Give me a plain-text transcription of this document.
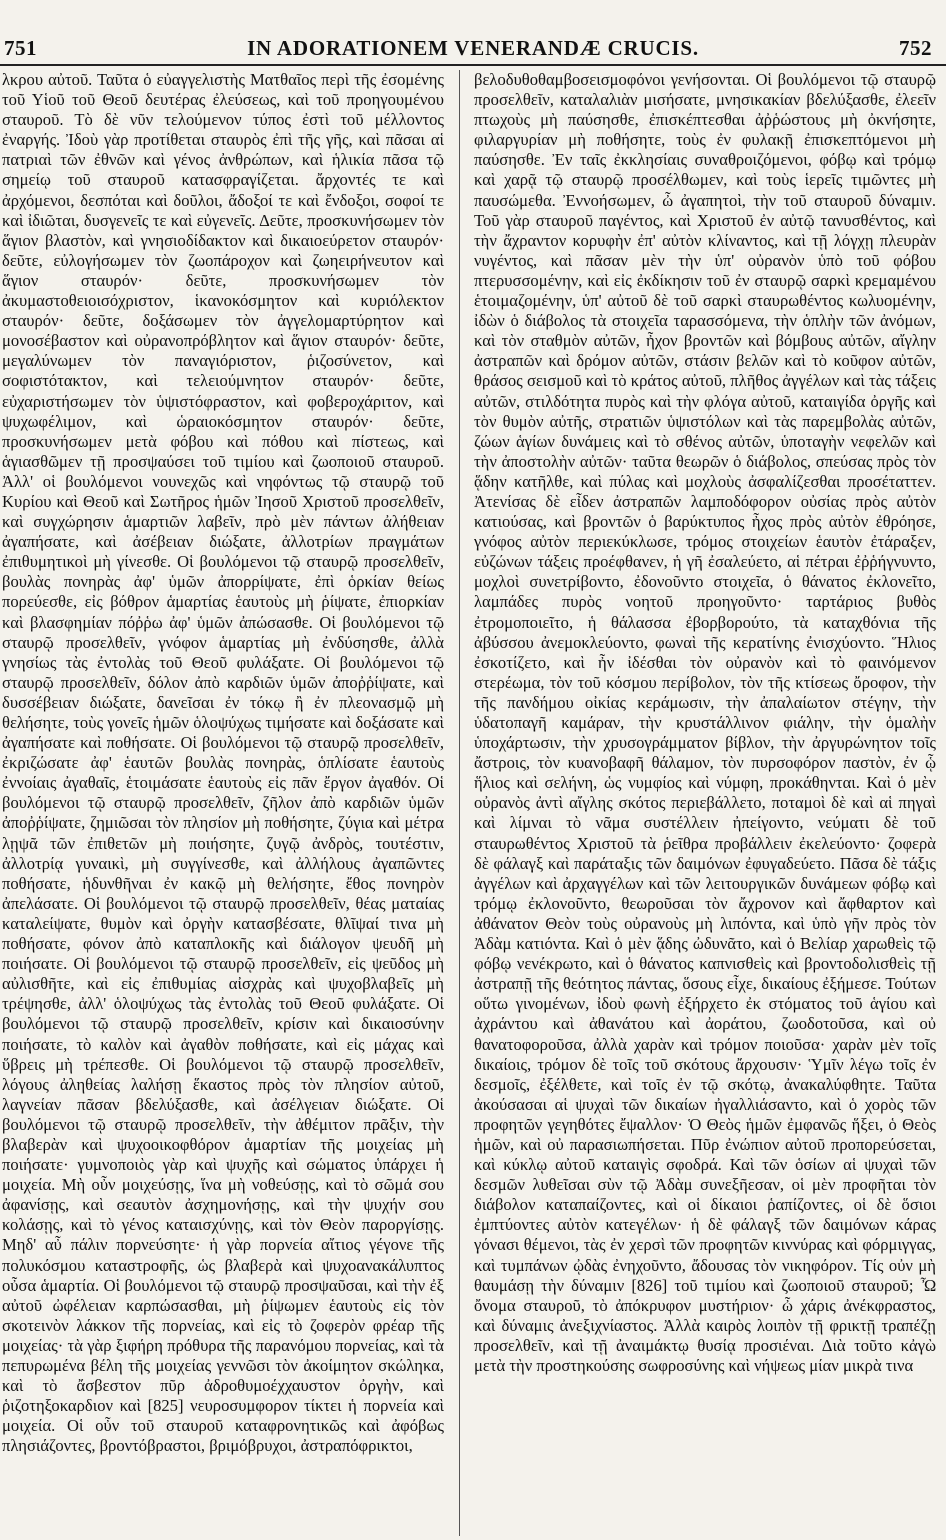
751	IN ADORATIONEM VENERANDÆ CRUCIS.	752

λκρου αὐτοῦ. Ταῦτα ὁ εὐαγγελιστὴς Ματθαῖος περὶ τῆς ἐσομένης τοῦ Υἱοῦ τοῦ Θεοῦ δευτέρας ἐλεύσεως, καὶ τοῦ προηγουμένου σταυροῦ. Τὸ δὲ νῦν τελούμενον τύπος ἐστὶ τοῦ μέλλοντος ἐναργής. Ἰδοὺ γὰρ προτίθεται σταυρὸς ἐπὶ τῆς γῆς, καὶ πᾶσαι αἱ πατριαὶ τῶν ἐθνῶν καὶ γένος ἀνθρώπων, καὶ ἡλικία πᾶσα τῷ σημείῳ τοῦ σταυροῦ κατασφραγίζεται. ἄρχοντές τε καὶ ἀρχόμενοι, δεσπόται καὶ δοῦλοι, ἄδοξοί τε καὶ ἔνδοξοι, σοφοί τε καὶ ἰδιῶται, δυσγενεῖς τε καὶ εὐγενεῖς. Δεῦτε, προσκυνήσωμεν τὸν ἅγιον βλαστὸν, καὶ γνησιοδίδακτον καὶ δικαιοεύρετον σταυρόν· δεῦτε, εὐλογήσωμεν τὸν ζωοπάροχον καὶ ζωηειρήνευτον καὶ ἅγιον σταυρόν· δεῦτε, προσκυνήσωμεν τὸν ἀκυμαστοθειοισόχριστον, ἱκανοκόσμητον καὶ κυριόλεκτον σταυρόν· δεῦτε, δοξάσωμεν τὸν ἀγγελομαρτύρητον καὶ μονοσέβαστον καὶ οὐρανοπρόβλητον καὶ ἅγιον σταυρόν· δεῦτε, μεγαλύνωμεν τὸν παναγιόριστον, ῥιζοσύνετον, καὶ σοφιστότακτον, καὶ τελειούμνητον σταυρόν· δεῦτε, εὐχαριστήσωμεν τὸν ὑψιστόφραστον, καὶ φοβεροχάριτον, καὶ ψυχωφέλιμον, καὶ ὡραιοκόσμητον σταυρόν· δεῦτε, προσκυνήσωμεν μετὰ φόβου καὶ πόθου καὶ πίστεως, καὶ ἁγιασθῶμεν τῇ προσψαύσει τοῦ τιμίου καὶ ζωοποιοῦ σταυροῦ. Ἀλλ' οἱ βουλόμενοι νουνεχῶς καὶ νηφόντως τῷ σταυρῷ τοῦ Κυρίου καὶ Θεοῦ καὶ Σωτῆρος ἡμῶν Ἰησοῦ Χριστοῦ προσελθεῖν, καὶ συγχώρησιν ἁμαρτιῶν λαβεῖν, πρὸ μὲν πάντων ἀλήθειαν ἀγαπήσατε, καὶ ἀσέβειαν διώξατε, ἀλλοτρίων πραγμάτων ἐπιθυμητικοὶ μὴ γίνεσθε. Οἱ βουλόμενοι τῷ σταυρῷ προσελθεῖν, βουλὰς πονηρὰς ἀφ' ὑμῶν ἀπορρίψατε, ἐπὶ ὁρκίαν θείως πορεύεσθε, εἰς βόθρον ἁμαρτίας ἑαυτοὺς μὴ ῥίψατε, ἐπιορκίαν καὶ βλασφημίαν πόῤῥω ἀφ' ὑμῶν ἀπώσασθε. Οἱ βουλόμενοι τῷ σταυρῷ προσελθεῖν, γνόφον ἁμαρτίας μὴ ἐνδύσησθε, ἀλλὰ γνησίως τὰς ἐντολὰς τοῦ Θεοῦ φυλάξατε. Οἱ βουλόμενοι τῷ σταυρῷ προσελθεῖν, δόλον ἀπὸ καρδιῶν ὑμῶν ἀποῤῥίψατε, καὶ δυσσέβειαν διώξατε, δανεῖσαι ἐν τόκῳ ἢ ἐν πλεονασμῷ μὴ θελήσητε, τοὺς γονεῖς ἡμῶν ὁλοψύχως τιμήσατε καὶ δοξάσατε καὶ ἀγαπήσατε καὶ ποθήσατε. Οἱ βουλόμενοι τῷ σταυρῷ προσελθεῖν, ἐκριζώσατε ἀφ' ἑαυτῶν βουλὰς πονηρὰς, ὁπλίσατε ἑαυτοὺς ἐννοίαις ἀγαθαῖς, ἑτοιμάσατε ἑαυτοὺς εἰς πᾶν ἔργον ἀγαθόν. Οἱ βουλόμενοι τῷ σταυρῷ προσελθεῖν, ζῆλον ἀπὸ καρδιῶν ὑμῶν ἀποῤῥίψατε, ζημιῶσαι τὸν πλησίον μὴ ποθήσητε, ζύγια καὶ μέτρα λῃψᾶ τῶν ἐπιθετῶν μὴ ποιήσητε, ζυγῷ ἀνδρὸς, τουτέστιν, ἀλλοτρίᾳ γυναικὶ, μὴ συγγίνεσθε, καὶ ἀλλήλους ἀγαπῶντες ποθήσατε, ἡδυνθῆναι ἐν κακῷ μὴ θελήσητε, ἔθος πονηρὸν ἀπελάσατε. Οἱ βουλόμενοι τῷ σταυρῷ προσελθεῖν, θέας ματαίας καταλείψατε, θυμὸν καὶ ὀργὴν κατασβέσατε, θλῖψαί τινα μὴ ποθήσατε, φόνον ἀπὸ καταπλοκῆς καὶ διάλογον ψευδῆ μὴ ποιήσατε. Οἱ βουλόμενοι τῷ σταυρῷ προσελθεῖν, εἰς ψεῦδος μὴ αὐλισθῆτε, καὶ εἰς ἐπιθυμίας αἰσχρὰς καὶ ψυχοβλαβεῖς μὴ τρέψησθε, ἀλλ' ὁλοψύχως τὰς ἐντολὰς τοῦ Θεοῦ φυλάξατε. Οἱ βουλόμενοι τῷ σταυρῷ προσελθεῖν, κρίσιν καὶ δικαιοσύνην ποιήσατε, τὸ καλὸν καὶ ἀγαθὸν ποθήσατε, καὶ εἰς μάχας καὶ ὕβρεις μὴ τρέπεσθε. Οἱ βουλόμενοι τῷ σταυρῷ προσελθεῖν, λόγους ἀληθείας λαλήσῃ ἕκαστος πρὸς τὸν πλησίον αὐτοῦ, λαγνείαν πᾶσαν βδελύξασθε, καὶ ἀσέλγειαν διώξατε. Οἱ βουλόμενοι τῷ σταυρῷ προσελθεῖν, τὴν ἀθέμιτον πρᾶξιν, τὴν βλαβερὰν καὶ ψυχοοικοφθόρον ἁμαρτίαν τῆς μοιχείας μὴ ποιήσατε· γυμνοποιὸς γὰρ καὶ ψυχῆς καὶ σώματος ὑπάρχει ἡ μοιχεία. Μὴ οὖν μοιχεύσῃς, ἵνα μὴ νοθεύσῃς, καὶ τὸ σῶμά σου ἀφανίσῃς, καὶ σεαυτὸν ἀσχημονήσῃς, καὶ τὴν ψυχήν σου κολάσῃς, καὶ τὸ γένος καταισχύνῃς, καὶ τὸν Θεὸν παροργίσῃς. Μηδ' αὖ πάλιν πορνεύσητε· ἡ γὰρ πορνεία αἴτιος γέγονε τῆς πολυκόσμου καταστροφῆς, ὡς βλαβερὰ καὶ ψυχοανακάλυπτος οὖσα ἁμαρτία. Οἱ βουλόμενοι τῷ σταυρῷ προσψαῦσαι, καὶ τὴν ἐξ αὐτοῦ ὠφέλειαν καρπώσασθαι, μὴ ῥίψωμεν ἑαυτοὺς εἰς τὸν σκοτεινὸν λάκκον τῆς πορνείας, καὶ εἰς τὸ ζοφερὸν φρέαρ τῆς μοιχείας· τὰ γὰρ ξιφήρη πρόθυρα τῆς παρανόμου πορνείας, καὶ τὰ πεπυρωμένα βέλη τῆς μοιχείας γεννῶσι τὸν ἀκοίμητον σκώληκα, καὶ τὸ ἄσβεστον πῦρ ἀδροθυμοέχχαυστον ὀργὴν, καὶ ῥιζοτηξοκαρδιον καὶ [825] νευροσυμφορον τίκτει ἡ πορνεία καὶ μοιχεία. Οἱ οὖν τοῦ σταυροῦ καταφρονητικῶς καὶ ἀφόβως πλησιάζοντες, βροντόβραστοι, βριμόβρυχοι, ἀστραπόφρικτοι,

βελοδυθοθαμβοσεισμοφόνοι γενήσονται. Οἱ βουλόμενοι τῷ σταυρῷ προσελθεῖν, καταλαλιὰν μισήσατε, μνησικακίαν βδελύξασθε, ἐλεεῖν πτωχοὺς μὴ παύσησθε, ἐπισκέπτεσθαι ἀῤῥώστους μὴ ὀκνήσητε, φιλαργυρίαν μὴ ποθήσητε, τοὺς ἐν φυλακῇ ἐπισκεπτόμενοι μὴ παύσησθε. Ἐν ταῖς ἐκκλησίαις συναθροιζόμενοι, φόβῳ καὶ τρόμῳ καὶ χαρᾷ τῷ σταυρῷ προσέλθωμεν, καὶ τοὺς ἱερεῖς τιμῶντες μὴ παυσώμεθα. Ἐννοήσωμεν, ὦ ἀγαπητοὶ, τὴν τοῦ σταυροῦ δύναμιν. Τοῦ γὰρ σταυροῦ παγέντος, καὶ Χριστοῦ ἐν αὐτῷ τανυσθέντος, καὶ τὴν ἄχραντον κορυφὴν ἐπ' αὐτὸν κλίναντος, καὶ τῇ λόγχῃ πλευρὰν νυγέντος, καὶ πᾶσαν μὲν τὴν ὑπ' οὐρανὸν ὑπὸ τοῦ φόβου πτερυσσομένην, καὶ εἰς ἐκδίκησιν τοῦ ἐν σταυρῷ σαρκὶ κρεμαμένου ἑτοιμαζομένην, ὑπ' αὐτοῦ δὲ τοῦ σαρκὶ σταυρωθέντος κωλυομένην, ἰδὼν ὁ διάβολος τὰ στοιχεῖα ταρασσόμενα, τὴν ὁπλὴν τῶν ἀνόμων, καὶ τὸν σταθμὸν αὐτῶν, ἦχον βροντῶν καὶ βόμβους αὐτῶν, αἴγλην ἀστραπῶν καὶ δρόμον αὐτῶν, στάσιν βελῶν καὶ τὸ κοῦφον αὐτῶν, θράσος σεισμοῦ καὶ τὸ κράτος αὐτοῦ, πλῆθος ἀγγέλων καὶ τὰς τάξεις αὐτῶν, στιλδότητα πυρὸς καὶ τὴν φλόγα αὐτοῦ, καταιγίδα ὀργῆς καὶ τὸν θυμὸν αὐτῆς, στρατιῶν ὑψιστόλων καὶ τὰς παρεμβολὰς αὐτῶν, ζώων ἁγίων δυνάμεις καὶ τὸ σθένος αὐτῶν, ὑποταγὴν νεφελῶν καὶ τὴν ἀποστολὴν αὐτῶν· ταῦτα θεωρῶν ὁ διάβολος, σπεύσας πρὸς τὸν ᾅδην κατῆλθε, καὶ πύλας καὶ μοχλοὺς ἀσφαλίζεσθαι προσέταττεν. Ἀτενίσας δὲ εἶδεν ἀστραπῶν λαμποδόφορον οὐσίας πρὸς αὐτὸν κατιούσας, καὶ βροντῶν ὁ βαρύκτυπος ἦχος πρὸς αὐτὸν ἐθρόησε, γνόφος αὐτὸν περιεκύκλωσε, τρόμος στοιχείων ἑαυτὸν ἐτάραξεν, εὐζώνων τάξεις προέφθανεν, ἡ γῆ ἐσαλεύετο, αἱ πέτραι ἐῤῥήγνυντο, μοχλοὶ συνετρίβοντο, ἐδονοῦντο στοιχεῖα, ὁ θάνατος ἐκλονεῖτο, λαμπάδες πυρὸς νοητοῦ προηγοῦντο· ταρτάριος βυθὸς ἐτρομοποιεῖτο, ἡ θάλασσα ἐβορβορούτο, τὰ καταχθόνια τῆς ἀβύσσου ἀνεμοκλεύοντο, φωναὶ τῆς κερατίνης ἐνισχύοντο. Ἥλιος ἐσκοτίζετο, καὶ ἦν ἰδέσθαι τὸν οὐρανὸν καὶ τὸ φαινόμενον στερέωμα, τὸν τοῦ κόσμου περίβολον, τὸν τῆς κτίσεως ὄροφον, τὴν τῆς πανδήμου οἰκίας κεράμωσιν, τὴν ἀπαλαίωτον στέγην, τὴν ὑδατοπαγῆ καμάραν, τὴν κρυστάλλινον φιάλην, τὴν ὁμαλὴν ὑποχάρτωσιν, τὴν χρυσογράμματον βίβλον, τὴν ἀργυρώνητον τοῖς ἄστροις, τὸν κυανοβαφῆ θάλαμον, τὸν πυρσοφόρον παστὸν, ἐν ᾧ ἥλιος καὶ σελήνη, ὡς νυμφίος καὶ νύμφη, προκάθηνται. Καὶ ὁ μὲν οὐρανὸς ἀντὶ αἴγλης σκότος περιεβάλλετο, ποταμοὶ δὲ καὶ αἱ πηγαὶ καὶ λίμναι τὸ νᾶμα συστέλλειν ἠπείγοντο, νεύματι δὲ τοῦ σταυρωθέντος Χριστοῦ τὰ ῥεῖθρα προβάλλειν ἐκελεύοντο· ζοφερὰ δὲ φάλαγξ καὶ παράταξις τῶν δαιμόνων ἐφυγαδεύετο. Πᾶσα δὲ τάξις ἀγγέλων καὶ ἀρχαγγέλων καὶ τῶν λειτουργικῶν δυνάμεων φόβῳ καὶ τρόμῳ ἐκλονοῦντο, θεωροῦσαι τὸν ἄχρονον καὶ ἄφθαρτον καὶ ἀθάνατον Θεὸν τοὺς οὐρανοὺς μὴ λιπόντα, καὶ ὑπὸ γῆν πρὸς τὸν Ἀδὰμ κατιόντα. Καὶ ὁ μὲν ᾅδης ὠδυνᾶτο, καὶ ὁ Βελίαρ χαρωθεὶς τῷ φόβῳ νενέκρωτο, καὶ ὁ θάνατος καπνισθεὶς καὶ βροντοδολισθεὶς τῇ ἀστραπῇ τῆς θεότητος πάντας, ὅσους εἶχε, δικαίους ἐξήμεσε. Τούτων οὕτω γινομένων, ἰδοὺ φωνὴ ἐξήρχετο ἐκ στόματος τοῦ ἁγίου καὶ ἀχράντου καὶ ἀθανάτου καὶ ἀοράτου, ζωοδοτοῦσα, καὶ οὐ θανατοφοροῦσα, ἀλλὰ χαρὰν καὶ τρόμον ποιοῦσα· χαρὰν μὲν τοῖς δικαίοις, τρόμον δὲ τοῖς τοῦ σκότους ἄρχουσιν· Ὑμῖν λέγω τοῖς ἐν δεσμοῖς, ἐξέλθετε, καὶ τοῖς ἐν τῷ σκότῳ, ἀνακαλύφθητε. Ταῦτα ἀκούσασαι αἱ ψυχαὶ τῶν δικαίων ἠγαλλιάσαντο, καὶ ὁ χορὸς τῶν προφητῶν γεγηθότες ἔψαλλον· Ὁ Θεὸς ἡμῶν ἐμφανῶς ἥξει, ὁ Θεὸς ἡμῶν, καὶ οὐ παρασιωπήσεται. Πῦρ ἐνώπιον αὐτοῦ προπορεύσεται, καὶ κύκλῳ αὐτοῦ καταιγὶς σφοδρά. Καὶ τῶν ὁσίων αἱ ψυχαὶ τῶν δεσμῶν λυθεῖσαι σὺν τῷ Ἀδὰμ συνεξῆεσαν, οἱ μὲν προφῆται τὸν διάβολον καταπαίζοντες, καὶ οἱ δίκαιοι ῥαπίζοντες, οἱ δὲ ὅσιοι ἐμπτύοντες αὐτὸν κατεγέλων· ἡ δὲ φάλαγξ τῶν δαιμόνων κάρας γόνασι θέμενοι, τὰς ἐν χερσὶ τῶν προφητῶν κιννύρας καὶ φόρμιγγας, καὶ τυμπάνων ᾠδὰς ἐνηχοῦντο, ἄδουσας τὸν νικηφόρον. Τίς οὐν μὴ θαυμάσῃ τὴν δύναμιν [826] τοῦ τιμίου καὶ ζωοποιοῦ σταυροῦ; Ὦ ὄνομα σταυροῦ, τὸ ἀπόκρυφον μυστήριον· ὦ χάρις ἀνέκφραστος, καὶ δύναμις ἀνεξιχνίαστος. Ἀλλὰ καιρὸς λοιπὸν τῇ φρικτῇ τραπέζῃ προσελθεῖν, καὶ τῇ ἀναιμάκτῳ θυσίᾳ προσιέναι. Διὰ τοῦτο κἀγὼ μετὰ τὴν προστηκούσης σωφροσύνης καὶ νήψεως μίαν μικρὰ τινα
